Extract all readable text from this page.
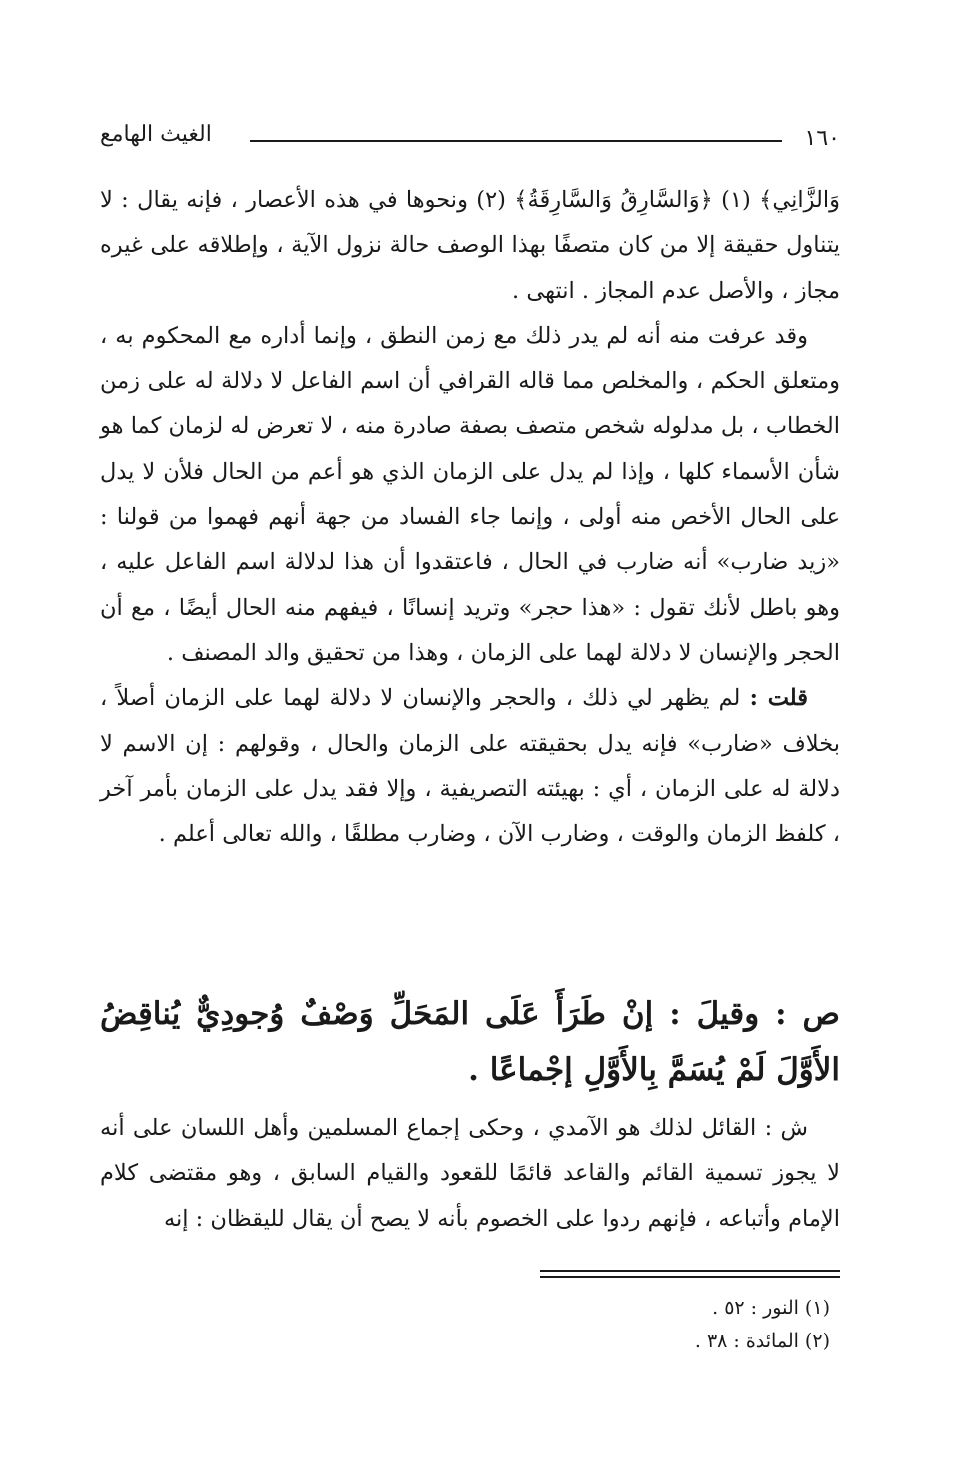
١٦٠
الغيث الهامع

وَالزَّانِي﴾ (١) ﴿وَالسَّارِقُ وَالسَّارِقَةُ﴾ (٢) ونحوها في هذه الأعصار ، فإنه يقال : لا يتناول حقيقة إلا من كان متصفًا بهذا الوصف حالة نزول الآية ، وإطلاقه على غيره مجاز ، والأصل عدم المجاز . انتهى .

وقد عرفت منه أنه لم يدر ذلك مع زمن النطق ، وإنما أداره مع المحكوم به ، ومتعلق الحكم ، والمخلص مما قاله القرافي أن اسم الفاعل لا دلالة له على زمن الخطاب ، بل مدلوله شخص متصف بصفة صادرة منه ، لا تعرض له لزمان كما هو شأن الأسماء كلها ، وإذا لم يدل على الزمان الذي هو أعم من الحال فلأن لا يدل على الحال الأخص منه أولى ، وإنما جاء الفساد من جهة أنهم فهموا من قولنا : «زيد ضارب» أنه ضارب في الحال ، فاعتقدوا أن هذا لدلالة اسم الفاعل عليه ، وهو باطل لأنك تقول : «هذا حجر» وتريد إنسانًا ، فيفهم منه الحال أيضًا ، مع أن الحجر والإنسان لا دلالة لهما على الزمان ، وهذا من تحقيق والد المصنف .

قلت : لم يظهر لي ذلك ، والحجر والإنسان لا دلالة لهما على الزمان أصلاً ، بخلاف «ضارب» فإنه يدل بحقيقته على الزمان والحال ، وقولهم : إن الاسم لا دلالة له على الزمان ، أي : بهيئته التصريفية ، وإلا فقد يدل على الزمان بأمر آخر ، كلفظ الزمان والوقت ، وضارب الآن ، وضارب مطلقًا ، والله تعالى أعلم .

ص : وقيلَ : إنْ طَرَأَ عَلَى المَحَلِّ وَصْفٌ وُجودِيٌّ يُناقِضُ الأَوَّلَ لَمْ يُسَمَّ بِالأَوَّلِ إجْماعًا .
ش : القائل لذلك هو الآمدي ، وحكى إجماع المسلمين وأهل اللسان على أنه لا يجوز تسمية القائم والقاعد قائمًا للقعود والقيام السابق ، وهو مقتضى كلام الإمام وأتباعه ، فإنهم ردوا على الخصوم بأنه لا يصح أن يقال لليقظان : إنه
(١) النور : ٥٢ .
(٢) المائدة : ٣٨ .
